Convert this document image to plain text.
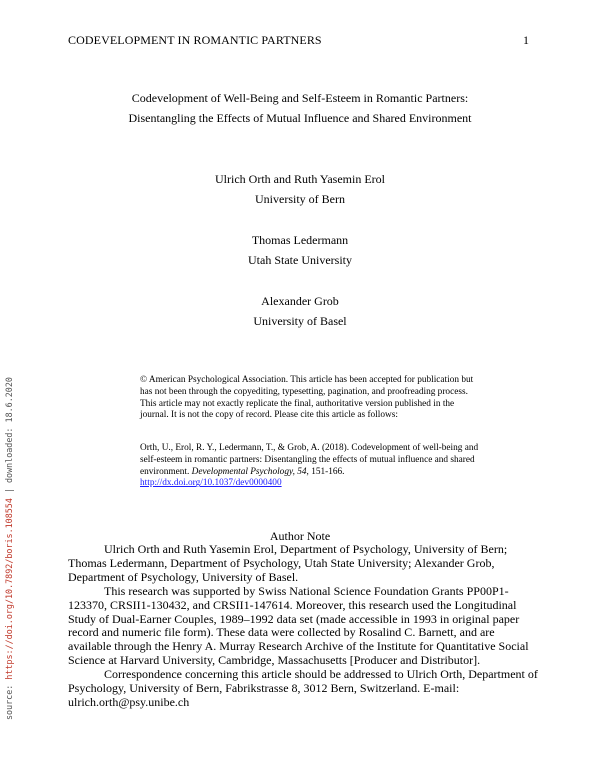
CODEVELOPMENT IN ROMANTIC PARTNERS	1
Codevelopment of Well-Being and Self-Esteem in Romantic Partners:
Disentangling the Effects of Mutual Influence and Shared Environment
Ulrich Orth and Ruth Yasemin Erol
University of Bern
Thomas Ledermann
Utah State University
Alexander Grob
University of Basel
© American Psychological Association. This article has been accepted for publication but has not been through the copyediting, typesetting, pagination, and proofreading process. This article may not exactly replicate the final, authoritative version published in the journal. It is not the copy of record. Please cite this article as follows:
Orth, U., Erol, R. Y., Ledermann, T., & Grob, A. (2018). Codevelopment of well-being and self-esteem in romantic partners: Disentangling the effects of mutual influence and shared environment. Developmental Psychology, 54, 151-166. http://dx.doi.org/10.1037/dev0000400
Author Note

Ulrich Orth and Ruth Yasemin Erol, Department of Psychology, University of Bern; Thomas Ledermann, Department of Psychology, Utah State University; Alexander Grob, Department of Psychology, University of Basel.

This research was supported by Swiss National Science Foundation Grants PP00P1-123370, CRSII1-130432, and CRSII1-147614. Moreover, this research used the Longitudinal Study of Dual-Earner Couples, 1989–1992 data set (made accessible in 1993 in original paper record and numeric file form). These data were collected by Rosalind C. Barnett, and are available through the Henry A. Murray Research Archive of the Institute for Quantitative Social Science at Harvard University, Cambridge, Massachusetts [Producer and Distributor].

Correspondence concerning this article should be addressed to Ulrich Orth, Department of Psychology, University of Bern, Fabrikstrasse 8, 3012 Bern, Switzerland. E-mail: ulrich.orth@psy.unibe.ch

source: https://doi.org/10.7892/boris.108554 | downloaded: 18.6.2020
